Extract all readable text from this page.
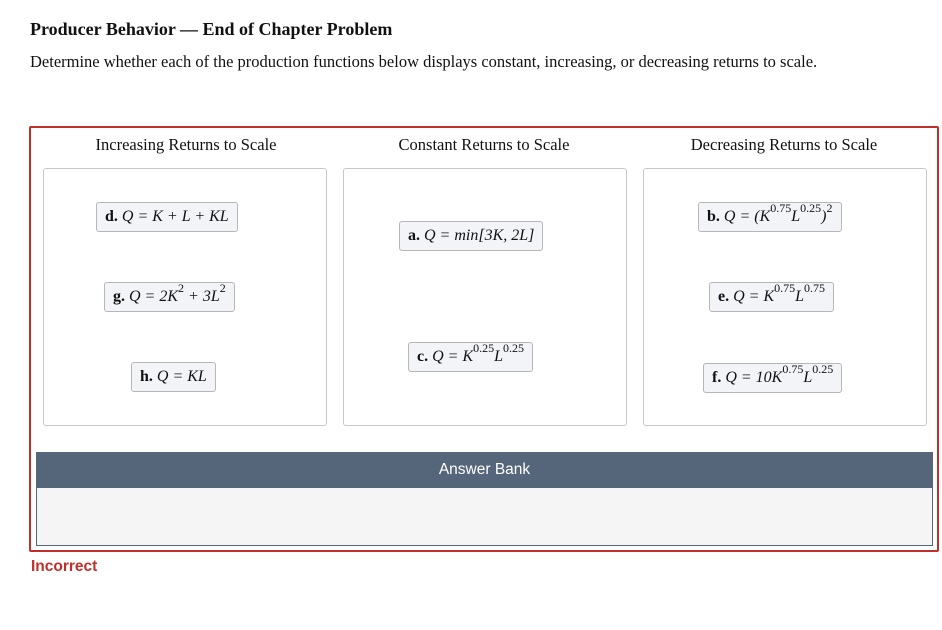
Producer Behavior — End of Chapter Problem
Determine whether each of the production functions below displays constant, increasing, or decreasing returns to scale.
Increasing Returns to Scale	Constant Returns to Scale	Decreasing Returns to Scale
d. Q = K + L + KL
g. $Q = 2K^2 + 3L^2$
h. Q = KL
a. Q = min[3K, 2L]
c. $Q = K^{0.25}L^{0.25}$
b. $Q = (K^{0.75}L^{0.25})^2$
e. $Q = K^{0.75}L^{0.75}$
f. $Q = 10K^{0.75}L^{0.25}$
Answer Bank
Incorrect
